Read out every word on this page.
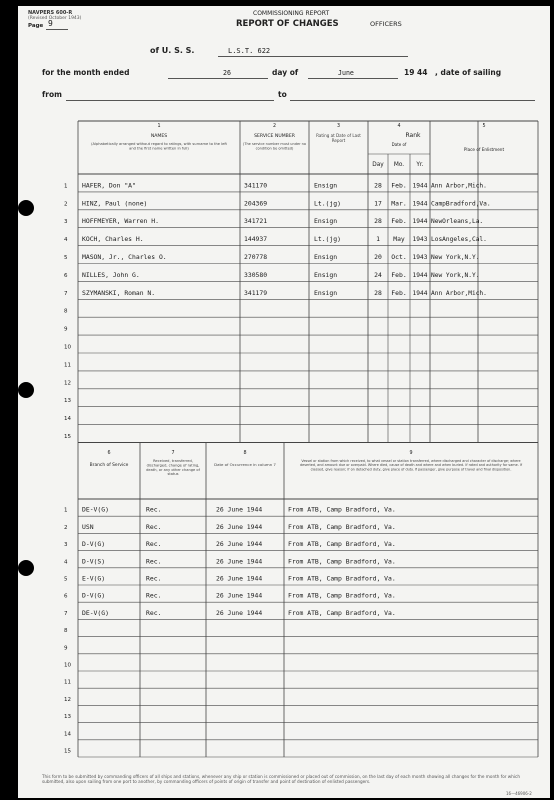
NAVPERS 600-R
(Revised October 1943)
Page 9
COMMISSIONING REPORT
REPORT OF CHANGES	OFFICERS
of U. S. S.	L.S.T. 622
for the month ended	26	day of	June	19 44 , date of sailing
from	to
1
NAMES
(Alphabetically arranged without regard to ratings, with surname to the left
and the first name written in full)
2
SERVICE NUMBER
(The service number must under no
condition be omitted)
3
Rating at Date of Last
Report
4
Rank
Date of
Day Mo. Yr.
5
Place of Enlistment
1 HAFER, Don "A"	341170	Ensign	28 Feb. 1944 Ann Arbor,Mich.
2 HINZ, Paul (none)	204369	Lt.(jg)	17 Mar. 1944 CampBradford,Va.
3 HOFFMEYER, Warren H.	341721	Ensign	28 Feb. 1944 NewOrleans,La.
4 KOCH, Charles H.	144937	Lt.(jg)	1 May 1943 LosAngeles,Cal.
5 MASON, Jr., Charles O.	270778	Ensign	20 Oct. 1943 New York,N.Y.
6 NILLES, John G.	330580	Ensign	24 Feb. 1944 New York,N.Y.
7 SZYMANSKI, Roman N.	341179	Ensign	28 Feb. 1944 Ann Arbor,Mich.
8
9
10
11
12
13
14
15
6
Branch of Service
7
Received, transferred,
discharged, change of rating,
death, or any other change of
status
8
Date of Occurrence in column 7
9
Vessel or station from which received, to what vessel or station transferred, where discharged and character of discharge; where
deserted, and amount due or overpaid. Where died, cause of death and where and when buried. If rated and authority for same. If
classed, give reason; if on detached duty, give place of duty. If passenger, give purpose of travel and final disposition.
1 DE-V(G)	Rec.	26 June 1944	From ATB, Camp Bradford, Va.
2 USN	Rec.	26 June 1944	From ATB, Camp Bradford, Va.
3 D-V(G)	Rec.	26 June 1944	From ATB, Camp Bradford, Va.
4 D-V(S)	Rec.	26 June 1944	From ATB, Camp Bradford, Va.
5 E-V(G)	Rec.	26 June 1944	From ATB, Camp Bradford, Va.
6 D-V(G)	Rec.	26 June 1944	From ATB, Camp Bradford, Va.
7 DE-V(G)	Rec.	26 June 1944	From ATB, Camp Bradford, Va.
8
9
10
11
12
13
14
15
This form to be submitted by commanding officers of all ships and stations, whenever any ship or station is commissioned or placed out of commission, on the last day of each month showing all changes for the month for which submitted, also upon sailing from one port to another, by commanding officers of points of origin of transfer and point of destination of enlisted passengers.
16—46906-2
